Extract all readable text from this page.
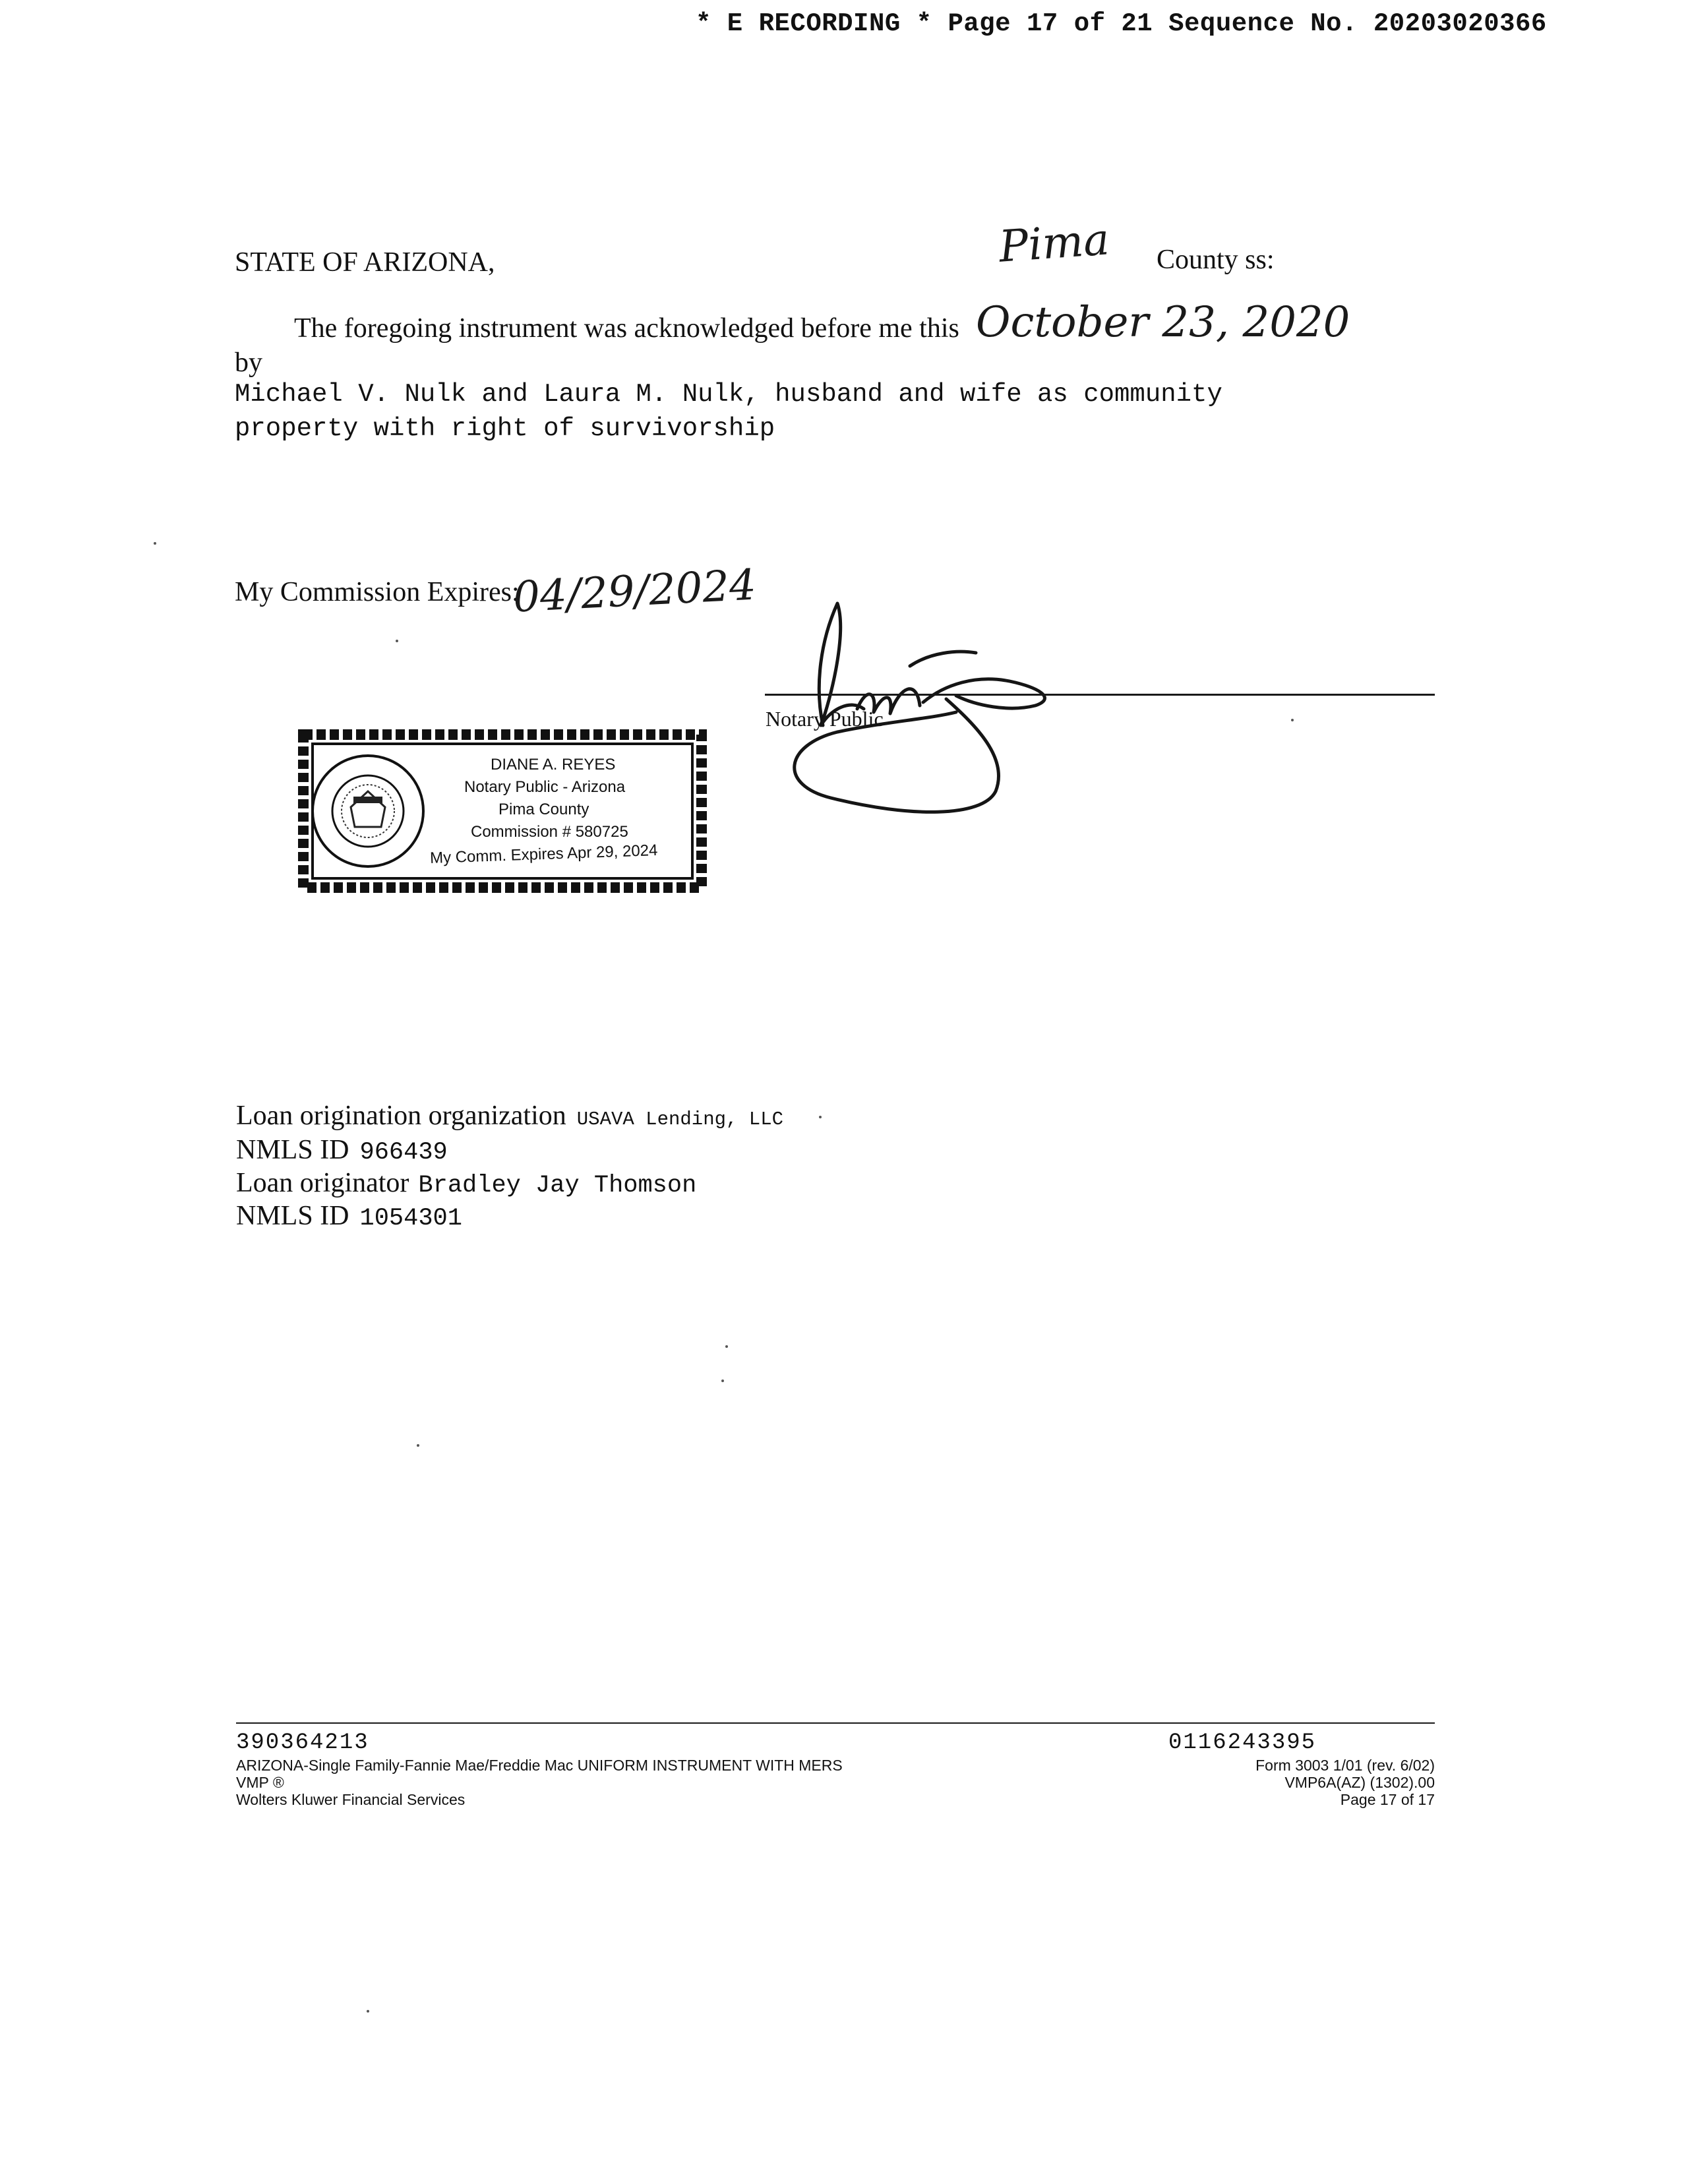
* E RECORDING * Page 17 of 21 Sequence No. 20203020366
STATE OF ARIZONA,	Pima County ss:
The foregoing instrument was acknowledged before me this October 23, 2020
by
Michael V. Nulk and Laura M. Nulk, husband and wife as community
property with right of survivorship
My Commission Expires:
04/29/2024
Notary Public
DIANE A. REYES
Notary Public - Arizona
Pima County
Commission # 580725
My Comm. Expires Apr 29, 2024
Loan origination organization USAVA Lending, LLC
NMLS ID 966439
Loan originator Bradley Jay Thomson
NMLS ID 1054301
390364213
ARIZONA-Single Family-Fannie Mae/Freddie Mac UNIFORM INSTRUMENT WITH MERS
VMP ®
Wolters Kluwer Financial Services
0116243395
Form 3003 1/01 (rev. 6/02)
VMP6A(AZ) (1302).00
Page 17 of 17
